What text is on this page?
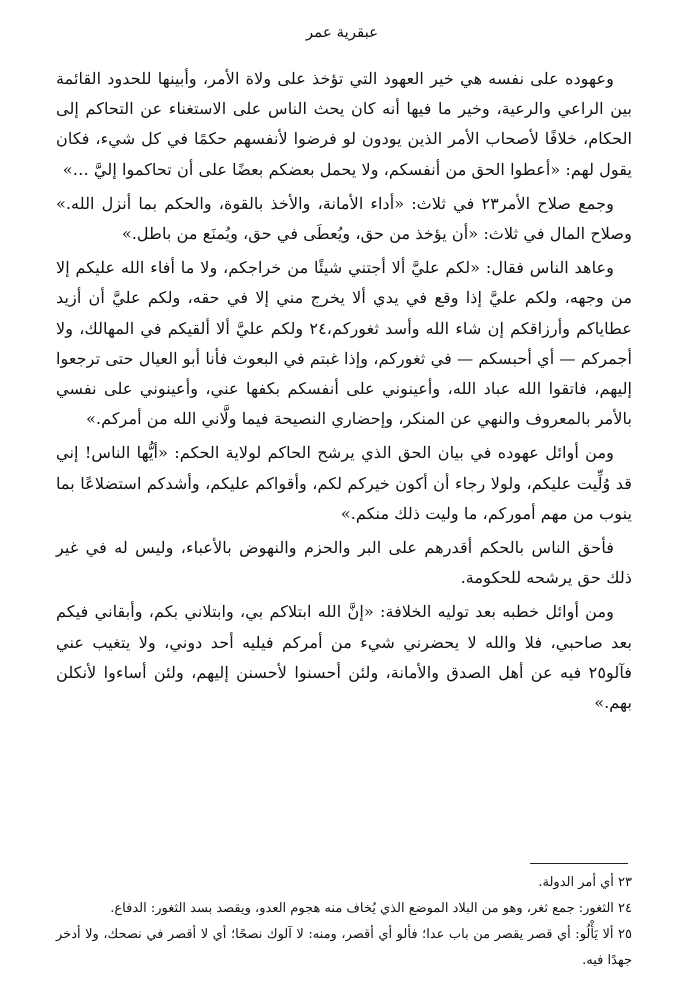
عبقرية عمر

وعهوده على نفسه هي خير العهود التي تؤخذ على ولاة الأمر، وأبينها للحدود القائمة بين الراعي والرعية، وخير ما فيها أنه كان يحث الناس على الاستغناء عن التحاكم إلى الحكام، خلافًا لأصحاب الأمر الذين يودون لو فرضوا لأنفسهم حكمًا في كل شيء، فكان يقول لهم: «أعطوا الحق من أنفسكم، ولا يحمل بعضكم بعضًا على أن تحاكموا إليَّ …»

وجمع صلاح الأمر٢٣ في ثلاث: «أداء الأمانة، والأخذ بالقوة، والحكم بما أنزل الله.» وصلاح المال في ثلاث: «أن يؤخذ من حق، ويُعطَى في حق، ويُمنَع من باطل.»

وعاهد الناس فقال: «لكم عليَّ ألا أجتني شيئًا من خراجكم، ولا ما أفاء الله عليكم إلا من وجهه، ولكم عليَّ إذا وقع في يدي ألا يخرج مني إلا في حقه، ولكم عليَّ أن أزيد عطاياكم وأرزاقكم إن شاء الله وأسد ثغوركم،٢٤ ولكم عليَّ ألا ألقيكم في المهالك، ولا أجمركم — أي أحبسكم — في ثغوركم، وإذا غبتم في البعوث فأنا أبو العيال حتى ترجعوا إليهم، فاتقوا الله عباد الله، وأعينوني على أنفسكم بكفها عني، وأعينوني على نفسي بالأمر بالمعروف والنهي عن المنكر، وإحضاري النصيحة فيما ولَّاني الله من أمركم.»

ومن أوائل عهوده في بيان الحق الذي يرشح الحاكم لولاية الحكم: «أيُّها الناس! إني قد وُلِّيت عليكم، ولولا رجاء أن أكون خيركم لكم، وأقواكم عليكم، وأشدكم استضلاعًا بما ينوب من مهم أموركم، ما وليت ذلك منكم.»

فأحق الناس بالحكم أقدرهم على البر والحزم والنهوض بالأعباء، وليس له في غير ذلك حق يرشحه للحكومة.

ومن أوائل خطبه بعد توليه الخلافة: «إنَّ الله ابتلاكم بي، وابتلاني بكم، وأبقاني فيكم بعد صاحبي، فلا والله لا يحضرني شيء من أمركم فيليه أحد دوني، ولا يتغيب عني فآلو٢٥ فيه عن أهل الصدق والأمانة، ولئن أحسنوا لأحسنن إليهم، ولئن أساءوا لأنكلن بهم.»

٢٣ أي أمر الدولة.

٢٤ الثغور: جمع ثغر، وهو من البلاد الموضع الذي يُخاف منه هجوم العدو، ويقصد بسد الثغور: الدفاع.

٢٥ ألا يَأْلُو: أي قصر يقصر من باب عدا؛ فألو أي أقصر، ومنه: لا آلوك نصحًا؛ أي لا أقصر في نصحك، ولا أدخر جهدًا فيه.
